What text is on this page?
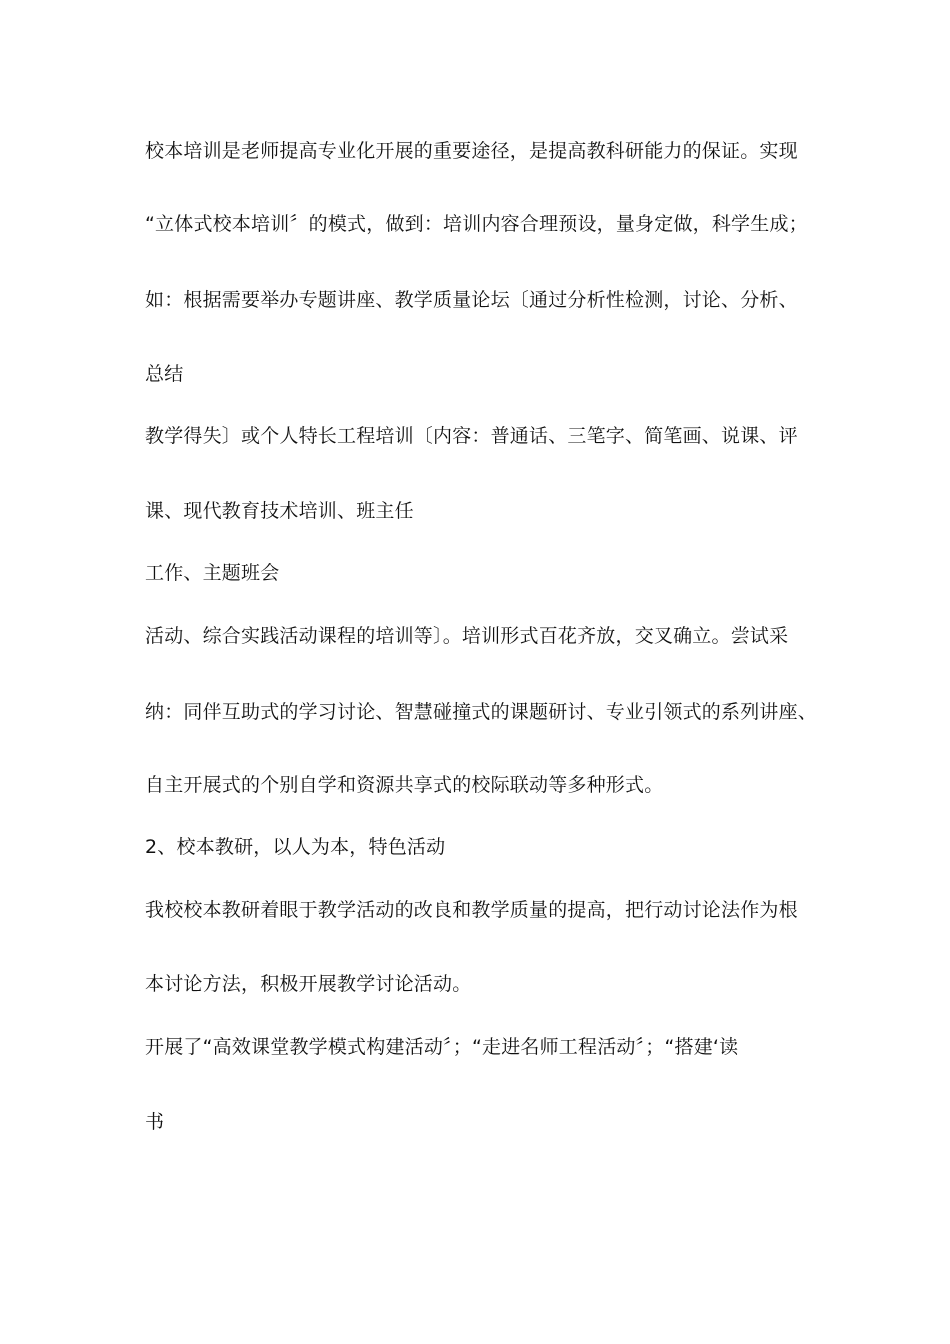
校本培训是老师提高专业化开展的重要途径，是提高教科研能力的保证。实现
“立体式校本培训〞的模式，做到：培训内容合理预设，量身定做，科学生成；
如：根据需要举办专题讲座、教学质量论坛〔通过分析性检测，讨论、分析、
总结
教学得失〕或个人特长工程培训〔内容：普通话、三笔字、简笔画、说课、评
课、现代教育技术培训、班主任
工作、主题班会
活动、综合实践活动课程的培训等〕。培训形式百花齐放，交叉确立。尝试采
纳：同伴互助式的学习讨论、智慧碰撞式的课题研讨、专业引领式的系列讲座、
自主开展式的个别自学和资源共享式的校际联动等多种形式。
2、校本教研，以人为本，特色活动
我校校本教研着眼于教学活动的改良和教学质量的提高，把行动讨论法作为根
本讨论方法，积极开展教学讨论活动。
开展了“高效课堂教学模式构建活动〞；“走进名师工程活动〞；“搭建‘读
书
